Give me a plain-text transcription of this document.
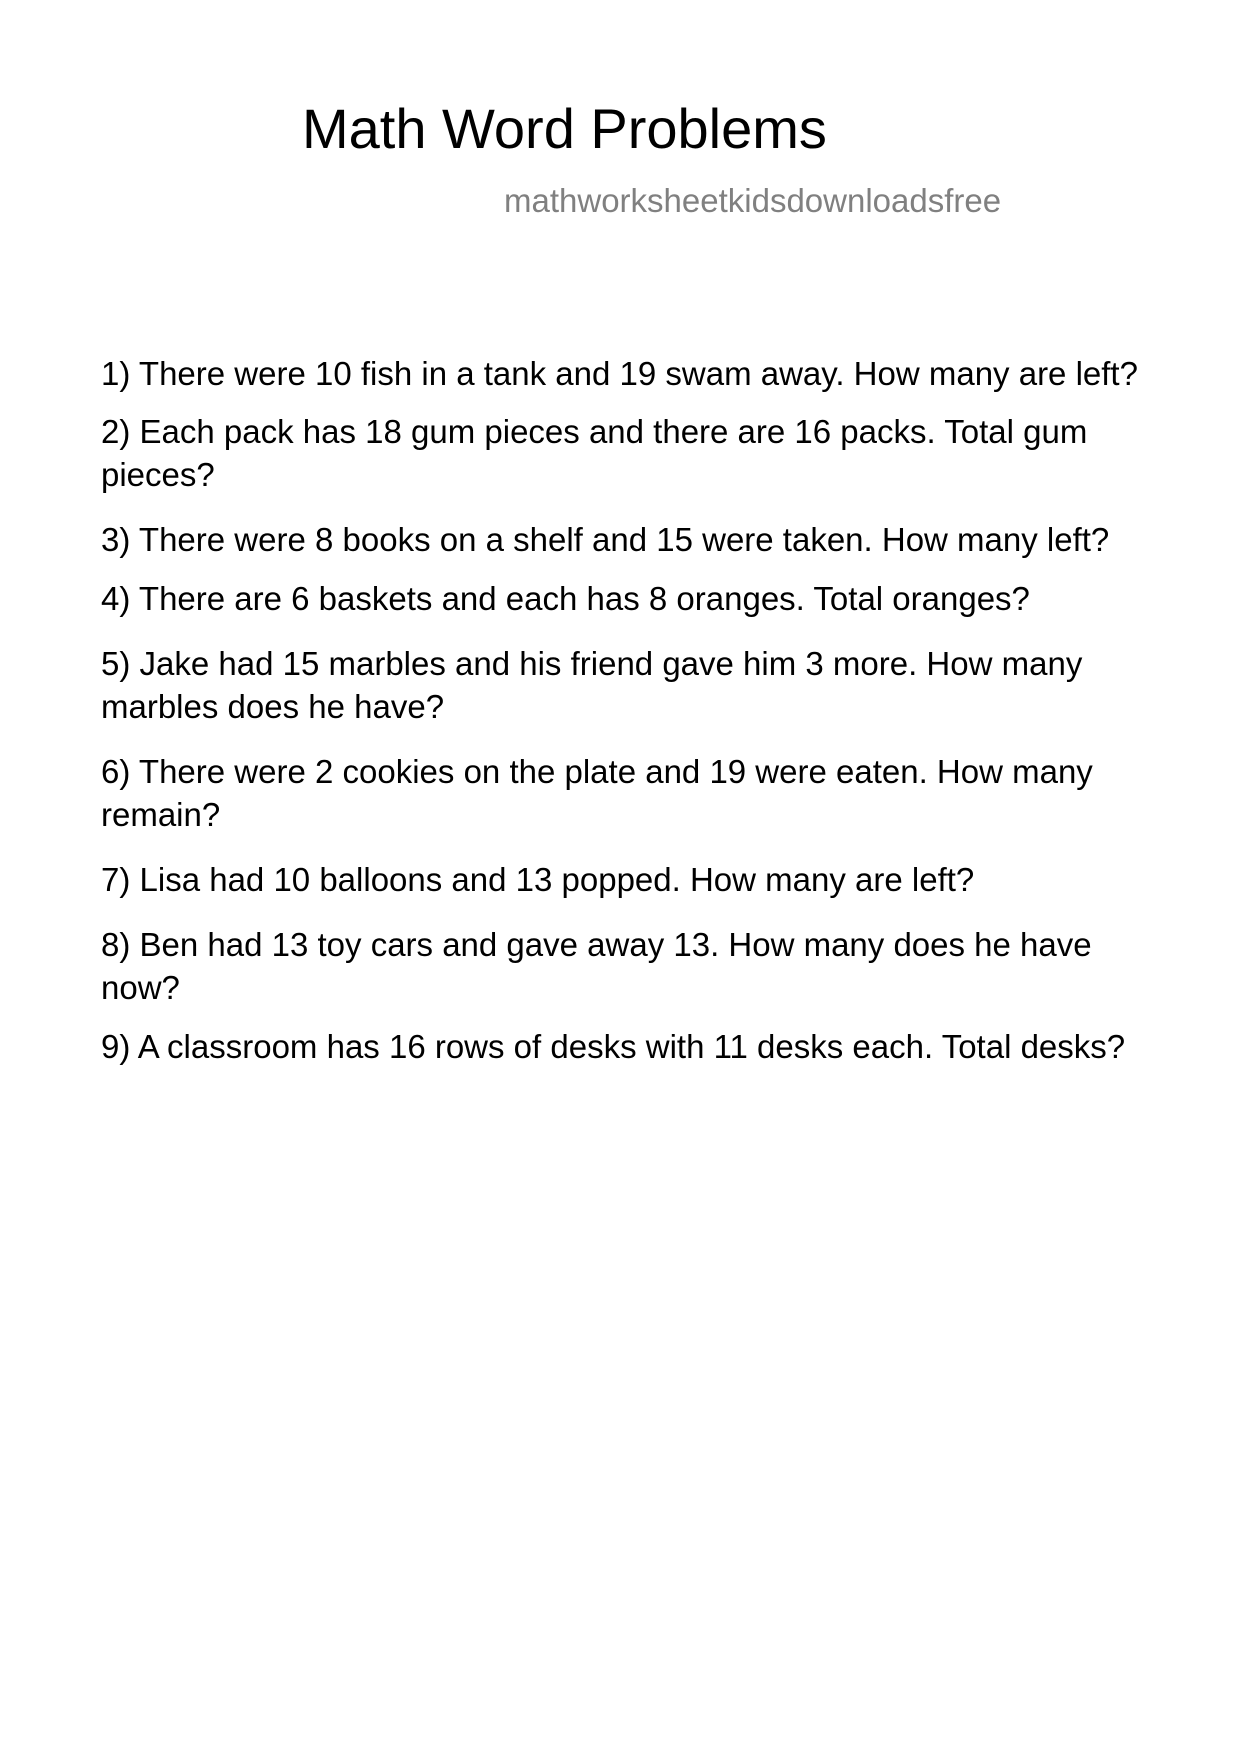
Math Word Problems
mathworksheetkidsdownloadsfree
1) There were 10 fish in a tank and 19 swam away. How many are left?
2) Each pack has 18 gum pieces and there are 16 packs. Total gum pieces?
3) There were 8 books on a shelf and 15 were taken. How many left?
4) There are 6 baskets and each has 8 oranges. Total oranges?
5) Jake had 15 marbles and his friend gave him 3 more. How many marbles does he have?
6) There were 2 cookies on the plate and 19 were eaten. How many remain?
7) Lisa had 10 balloons and 13 popped. How many are left?
8) Ben had 13 toy cars and gave away 13. How many does he have now?
9) A classroom has 16 rows of desks with 11 desks each. Total desks?
